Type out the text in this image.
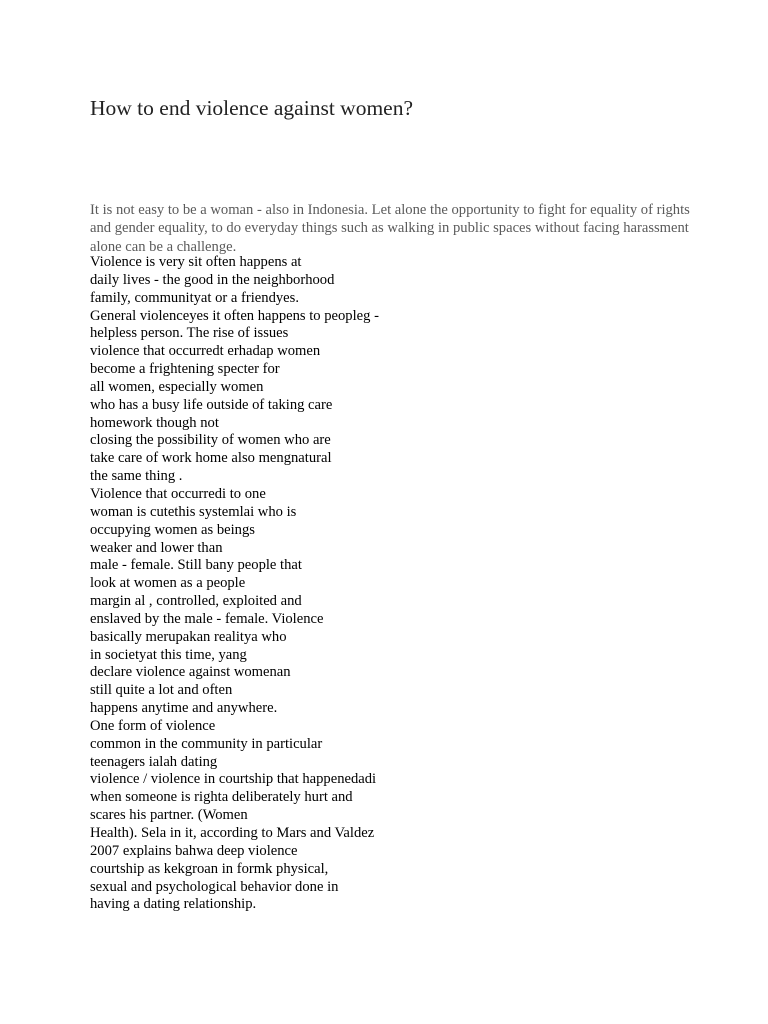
How to end violence against women?

It is not easy to be a woman - also in Indonesia. Let alone the opportunity to fight for equality of rights and gender equality, to do everyday things such as walking in public spaces without facing harassment alone can be a challenge.

Violence is very sit often happens at
daily lives - the good in the neighborhood
family, communityat or a friendyes.
General violenceyes it often happens to peopleg -
helpless person. The rise of issues
violence that occurredt erhadap women
become a frightening specter for
all women, especially women
who has a busy life outside of taking care
homework though not
closing the possibility of women who are
take care of work home also mengnatural
the same thing .
Violence that occurredi to one
woman is cutethis systemlai who is
occupying women as beings
weaker and lower than
male - female. Still bany people that
look at women as a people
margin al , controlled, exploited and
enslaved by the male - female. Violence
basically merupakan realitya who
in societyat this time, yang
declare violence against womenan
still quite a lot and often
happens anytime and anywhere.
One form of violence
common in the community in particular
teenagers ialah dating
violence / violence in courtship that happenedadi
when someone is righta deliberately hurt and
scares his partner. (Women
Health). Sela in it, according to Mars and Valdez
2007 explains bahwa deep violence
courtship as kekgroan in formk physical,
sexual and psychological behavior done in
having a dating relationship.
